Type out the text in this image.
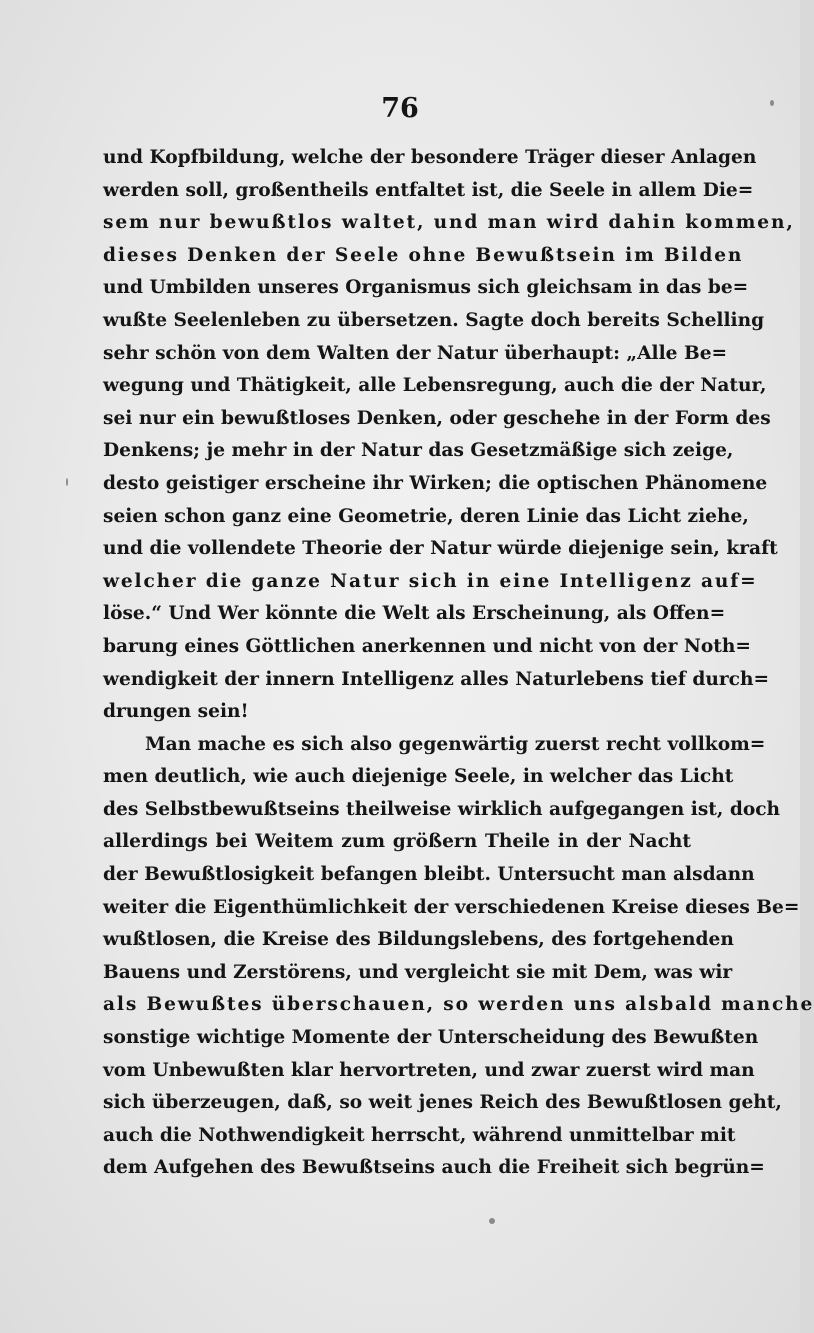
76
und Kopfbildung, welche der besondere Träger dieser Anlagen
werden soll, großentheils entfaltet ist, die Seele in allem Die=
sem nur bewußtlos waltet, und man wird dahin kommen,
dieses Denken der Seele ohne Bewußtsein im Bilden
und Umbilden unseres Organismus sich gleichsam in das be=
wußte Seelenleben zu übersetzen. Sagte doch bereits Schelling
sehr schön von dem Walten der Natur überhaupt: „Alle Be=
wegung und Thätigkeit, alle Lebensregung, auch die der Natur,
sei nur ein bewußtloses Denken, oder geschehe in der Form des
Denkens; je mehr in der Natur das Gesetzmäßige sich zeige,
desto geistiger erscheine ihr Wirken; die optischen Phänomene
seien schon ganz eine Geometrie, deren Linie das Licht ziehe,
und die vollendete Theorie der Natur würde diejenige sein, kraft
welcher die ganze Natur sich in eine Intelligenz auf=
löse.“ Und Wer könnte die Welt als Erscheinung, als Offen=
barung eines Göttlichen anerkennen und nicht von der Noth=
wendigkeit der innern Intelligenz alles Naturlebens tief durch=
drungen sein!
Man mache es sich also gegenwärtig zuerst recht vollkom=
men deutlich, wie auch diejenige Seele, in welcher das Licht
des Selbstbewußtseins theilweise wirklich aufgegangen ist, doch
allerdings bei Weitem zum größern Theile in der Nacht
der Bewußtlosigkeit befangen bleibt. Untersucht man alsdann
weiter die Eigenthümlichkeit der verschiedenen Kreise dieses Be=
wußtlosen, die Kreise des Bildungslebens, des fortgehenden
Bauens und Zerstörens, und vergleicht sie mit Dem, was wir
als Bewußtes überschauen, so werden uns alsbald manche
sonstige wichtige Momente der Unterscheidung des Bewußten
vom Unbewußten klar hervortreten, und zwar zuerst wird man
sich überzeugen, daß, so weit jenes Reich des Bewußtlosen geht,
auch die Nothwendigkeit herrscht, während unmittelbar mit
dem Aufgehen des Bewußtseins auch die Freiheit sich begrün=
